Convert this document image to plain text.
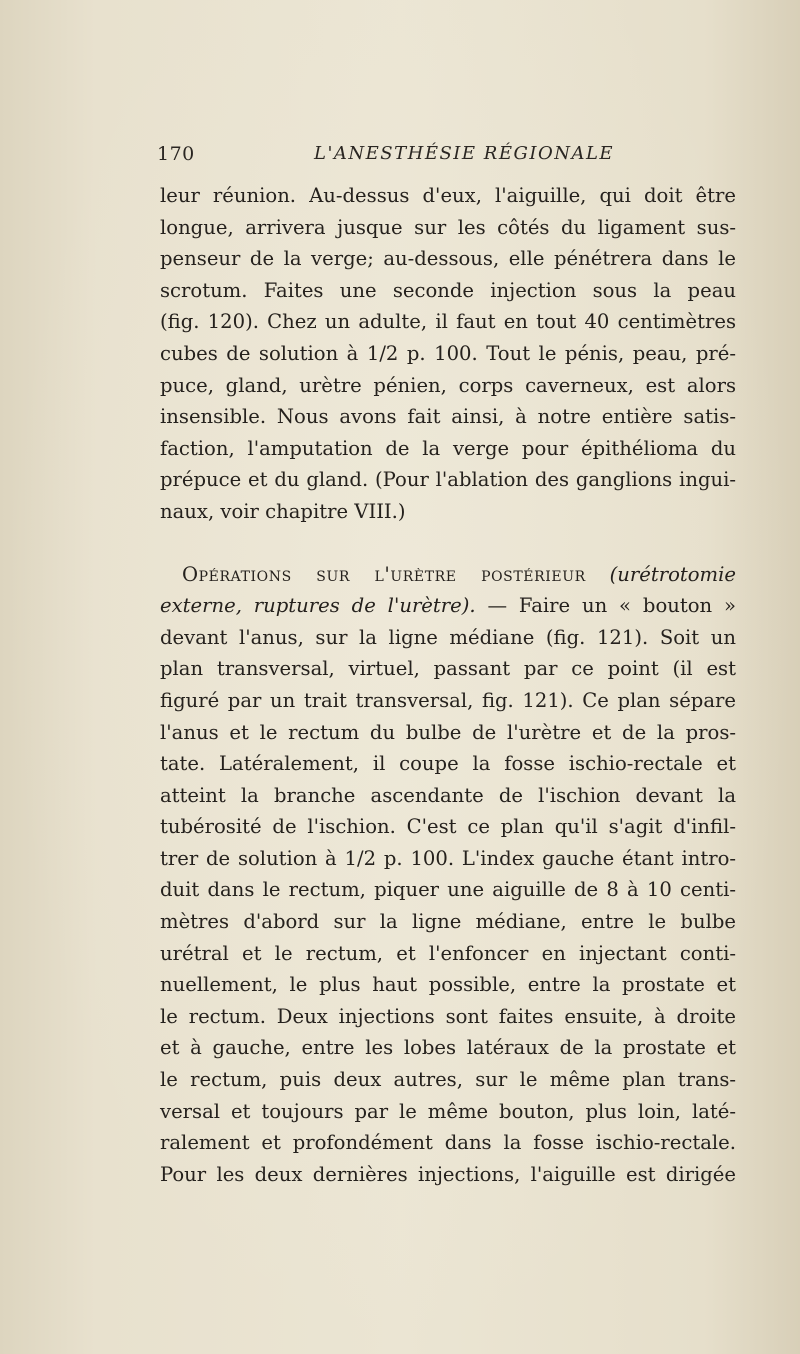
170	L'ANESTHÉSIE RÉGIONALE
leur réunion. Au-dessus d'eux, l'aiguille, qui doit être
longue, arrivera jusque sur les côtés du ligament sus-
penseur de la verge; au-dessous, elle pénétrera dans le
scrotum. Faites une seconde injection sous la peau
(fig. 120). Chez un adulte, il faut en tout 40 centimètres
cubes de solution à 1/2 p. 100. Tout le pénis, peau, pré-
puce, gland, urètre pénien, corps caverneux, est alors
insensible. Nous avons fait ainsi, à notre entière satis-
faction, l'amputation de la verge pour épithélioma du
prépuce et du gland. (Pour l'ablation des ganglions ingui-
naux, voir chapitre VIII.)
Opérations sur l'urètre postérieur (urétrotomie
externe, ruptures de l'urètre). — Faire un « bouton »
devant l'anus, sur la ligne médiane (fig. 121). Soit un
plan transversal, virtuel, passant par ce point (il est
figuré par un trait transversal, fig. 121). Ce plan sépare
l'anus et le rectum du bulbe de l'urètre et de la pros-
tate. Latéralement, il coupe la fosse ischio-rectale et
atteint la branche ascendante de l'ischion devant la
tubérosité de l'ischion. C'est ce plan qu'il s'agit d'infil-
trer de solution à 1/2 p. 100. L'index gauche étant intro-
duit dans le rectum, piquer une aiguille de 8 à 10 centi-
mètres d'abord sur la ligne médiane, entre le bulbe
urétral et le rectum, et l'enfoncer en injectant conti-
nuellement, le plus haut possible, entre la prostate et
le rectum. Deux injections sont faites ensuite, à droite
et à gauche, entre les lobes latéraux de la prostate et
le rectum, puis deux autres, sur le même plan trans-
versal et toujours par le même bouton, plus loin, laté-
ralement et profondément dans la fosse ischio-rectale.
Pour les deux dernières injections, l'aiguille est dirigée
